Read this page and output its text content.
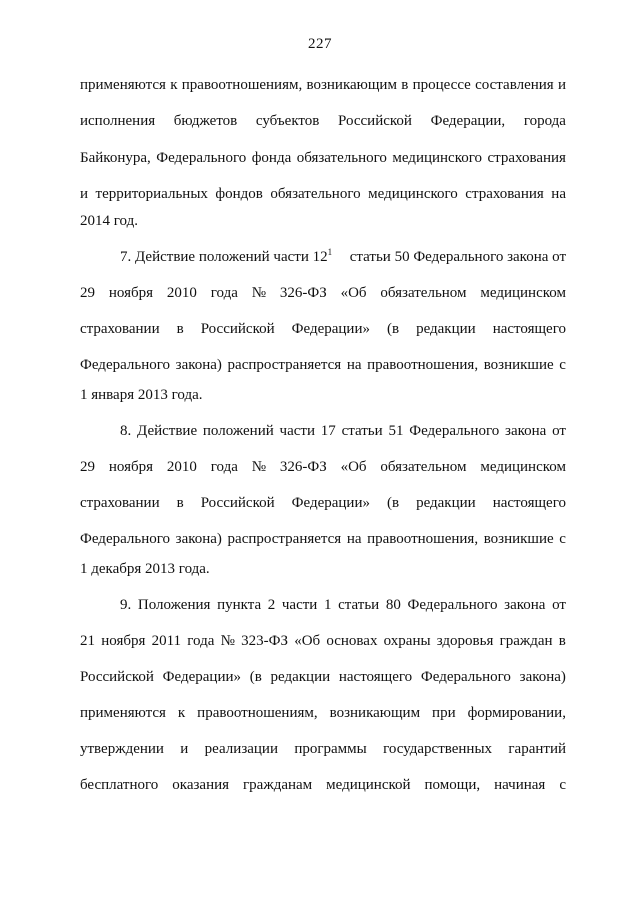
227
применяются к правоотношениям, возникающим в процессе составления и
исполнения бюджетов субъектов Российской Федерации, города
Байконура, Федерального фонда обязательного медицинского страхования
и территориальных фондов обязательного медицинского страхования на
2014 год.
7. Действие положений части $12^1$ статьи 50 Федерального закона от
29 ноября 2010 года № 326-ФЗ «Об обязательном медицинском
страховании в Российской Федерации» (в редакции настоящего
Федерального закона) распространяется на правоотношения, возникшие с
1 января 2013 года.
8. Действие положений части 17 статьи 51 Федерального закона от
29 ноября 2010 года № 326-ФЗ «Об обязательном медицинском
страховании в Российской Федерации» (в редакции настоящего
Федерального закона) распространяется на правоотношения, возникшие с
1 декабря 2013 года.
9. Положения пункта 2 части 1 статьи 80 Федерального закона от
21 ноября 2011 года № 323-ФЗ «Об основах охраны здоровья граждан в
Российской Федерации» (в редакции настоящего Федерального закона)
применяются к правоотношениям, возникающим при формировании,
утверждении и реализации программы государственных гарантий
бесплатного оказания гражданам медицинской помощи, начиная с
